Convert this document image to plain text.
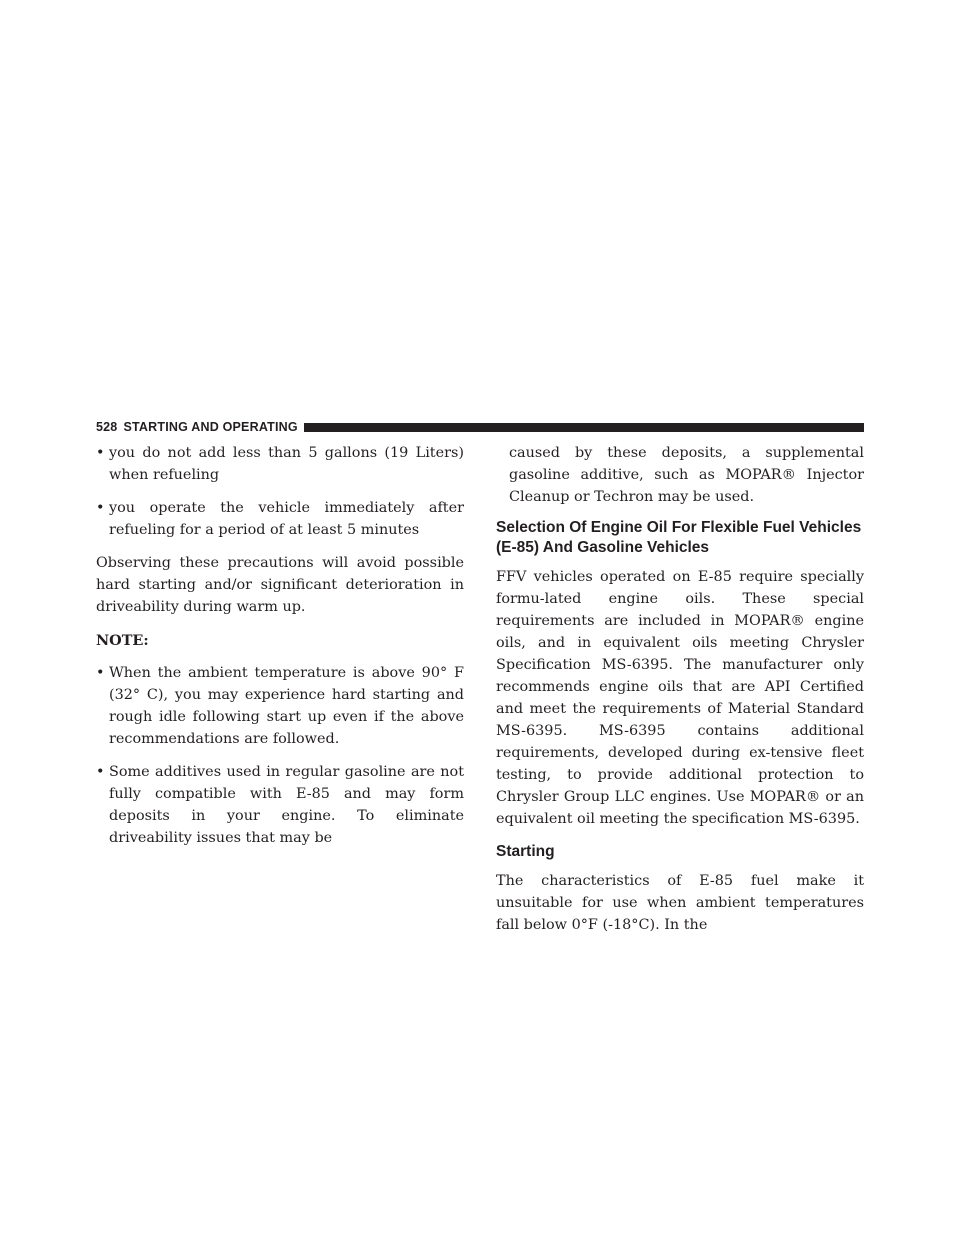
528 STARTING AND OPERATING
• you do not add less than 5 gallons (19 Liters) when refueling
• you operate the vehicle immediately after refueling for a period of at least 5 minutes

Observing these precautions will avoid possible hard starting and/or significant deterioration in driveability during warm up.

NOTE:

• When the ambient temperature is above 90° F (32° C), you may experience hard starting and rough idle following start up even if the above recommendations are followed.
• Some additives used in regular gasoline are not fully compatible with E-85 and may form deposits in your engine. To eliminate driveability issues that may be

caused by these deposits, a supplemental gasoline additive, such as MOPAR® Injector Cleanup or Techron may be used.

Selection Of Engine Oil For Flexible Fuel Vehicles (E-85) And Gasoline Vehicles

FFV vehicles operated on E-85 require specially formu-lated engine oils. These special requirements are included in MOPAR® engine oils, and in equivalent oils meeting Chrysler Specification MS-6395. The manufacturer only recommends engine oils that are API Certified and meet the requirements of Material Standard MS-6395. MS-6395 contains additional requirements, developed during ex-tensive fleet testing, to provide additional protection to Chrysler Group LLC engines. Use MOPAR® or an equivalent oil meeting the specification MS-6395.

Starting

The characteristics of E-85 fuel make it unsuitable for use when ambient temperatures fall below 0°F (-18°C). In the
